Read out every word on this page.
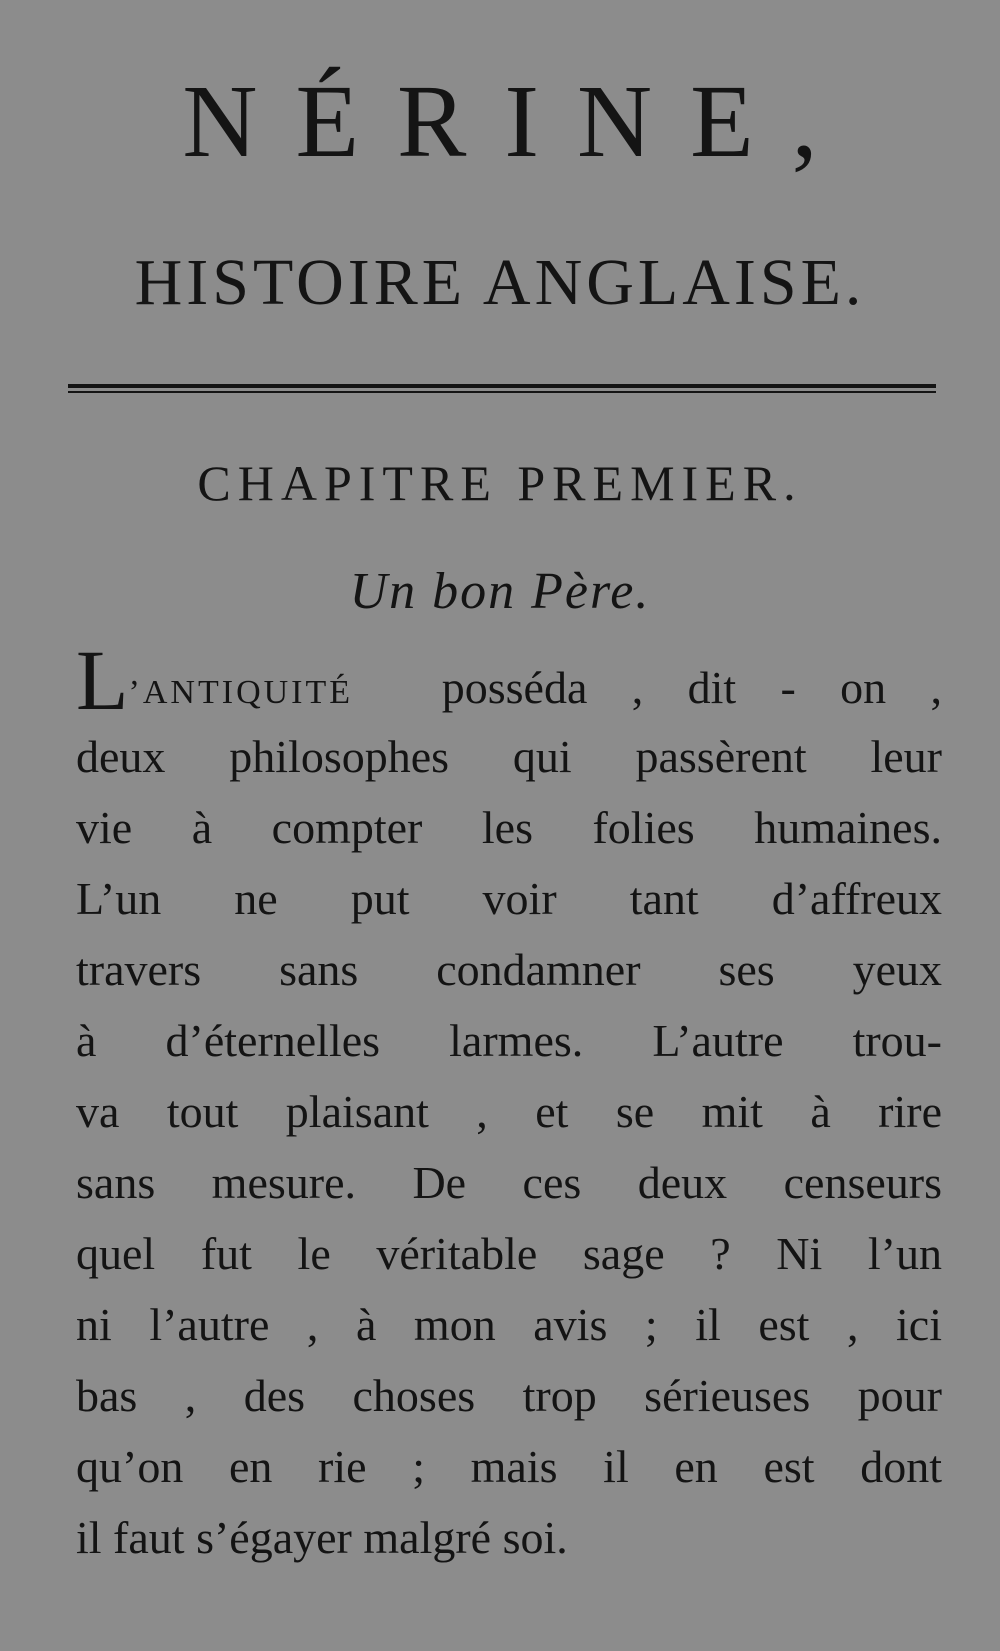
NÉRINE,
HISTOIRE ANGLAISE.
CHAPITRE PREMIER.
Un bon Père.
L’ANTIQUITÉ posséda , dit - on ,
deux philosophes qui passèrent leur
vie à compter les folies humaines.
L’un ne put voir tant d’affreux
travers sans condamner ses yeux
à d’éternelles larmes. L’autre trou-
va tout plaisant , et se mit à rire
sans mesure. De ces deux censeurs
quel fut le véritable sage ? Ni l’un
ni l’autre , à mon avis ; il est , ici
bas , des choses trop sérieuses pour
qu’on en rie ; mais il en est dont
il faut s’égayer malgré soi.
